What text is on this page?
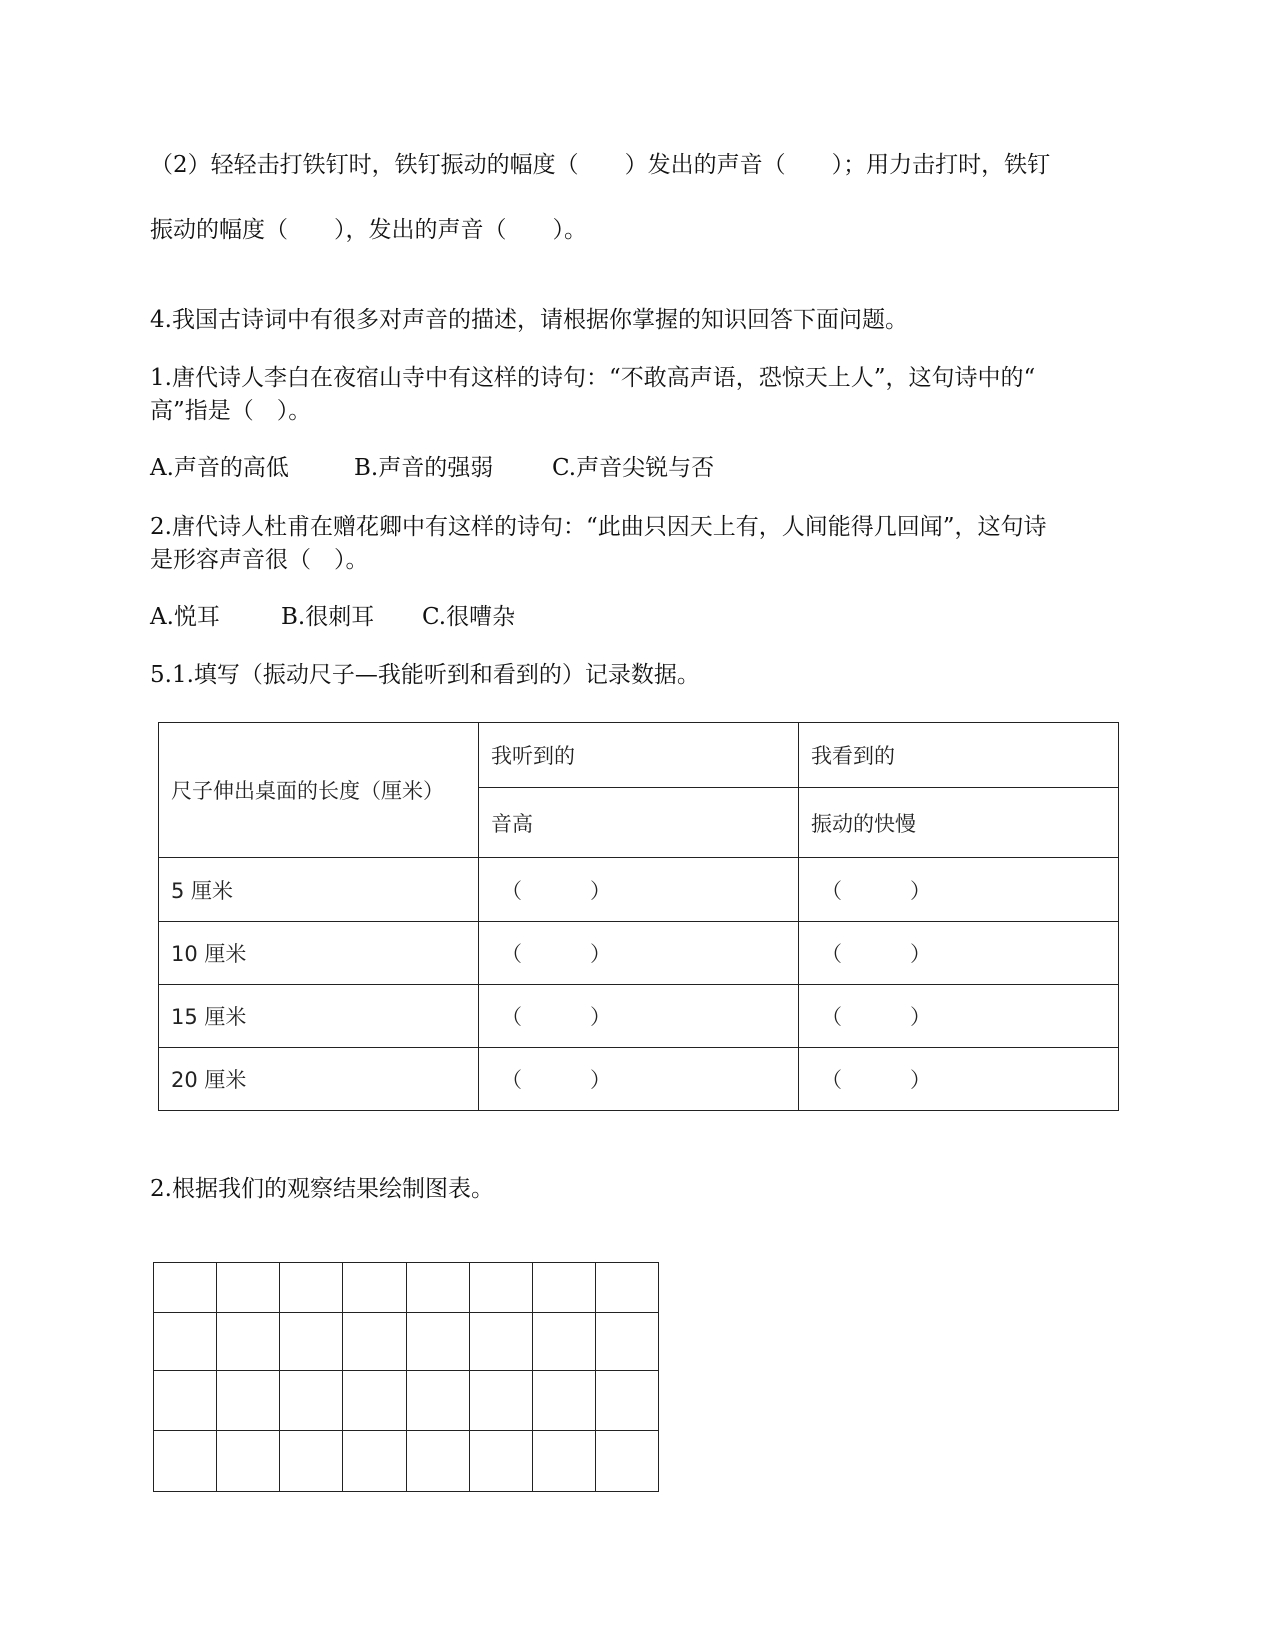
（2）轻轻击打铁钉时，铁钉振动的幅度（　　）发出的声音（　　）；用力击打时，铁钉
振动的幅度（　　），发出的声音（　　）。
4.我国古诗词中有很多对声音的描述，请根据你掌握的知识回答下面问题。
1.唐代诗人李白在夜宿山寺中有这样的诗句：“不敢高声语，恐惊天上人”，这句诗中的“
高”指是（　）。
A.声音的高低	B.声音的强弱	C.声音尖锐与否
2.唐代诗人杜甫在赠花卿中有这样的诗句：“此曲只因天上有，人间能得几回闻”，这句诗
是形容声音很（　）。
A.悦耳	B.很刺耳 C.很嘈杂
5.1.填写（振动尺子—我能听到和看到的）记录数据。
尺子伸出桌面的长度（厘米）	我听到的	我看到的
	音高	振动的快慢
5 厘米	（ ）	（ ）
10 厘米	（ ）	（ ）
15 厘米	（ ）	（ ）
20 厘米	（ ）	（ ）
2.根据我们的观察结果绘制图表。
